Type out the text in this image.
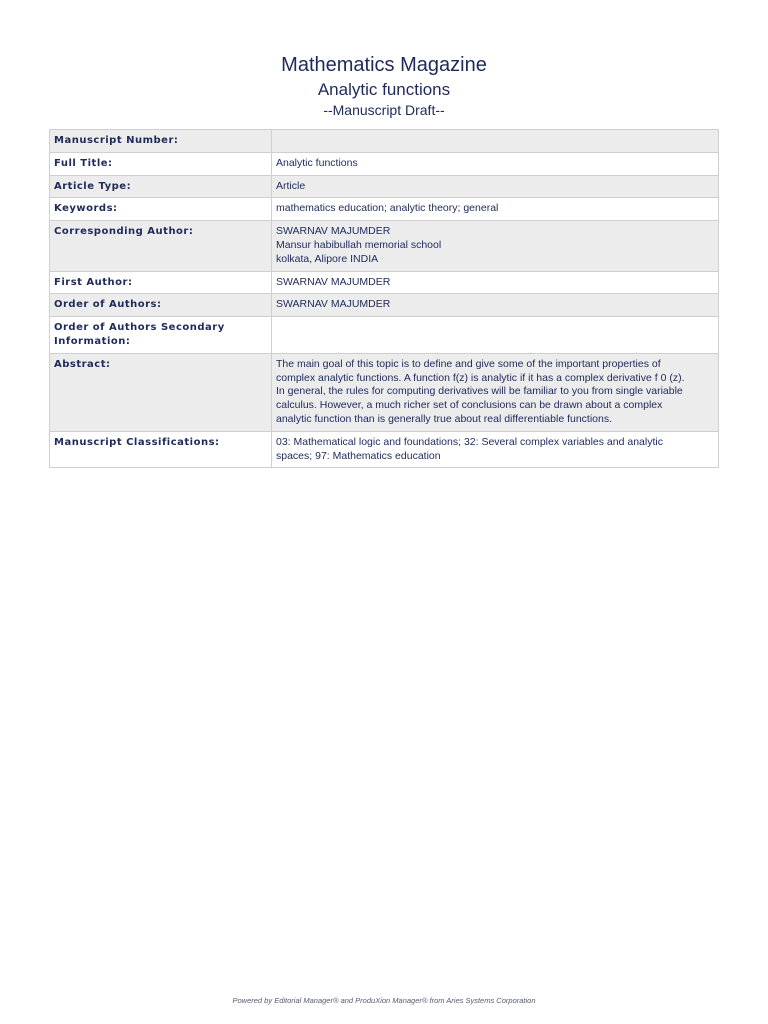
Mathematics Magazine
Analytic functions
--Manuscript Draft--
Manuscript Number:	

Full Title:	Analytic functions

Article Type:	Article

Keywords:	mathematics education; analytic theory; general

Corresponding Author:	SWARNAV MAJUMDER
Mansur habibullah memorial school
kolkata, Alipore INDIA

First Author:	SWARNAV MAJUMDER

Order of Authors:	SWARNAV MAJUMDER

Order of Authors Secondary
Information:	

Abstract:	The main goal of this topic is to define and give some of the important properties of
complex analytic functions. A function f(z) is analytic if it has a complex derivative f 0 (z).
In general, the rules for computing derivatives will be familiar to you from single variable
calculus. However, a much richer set of conclusions can be drawn about a complex
analytic function than is generally true about real differentiable functions.

Manuscript Classifications:	03: Mathematical logic and foundations; 32: Several complex variables and analytic
spaces; 97: Mathematics education
Powered by Editorial Manager® and ProduXion Manager® from Aries Systems Corporation
